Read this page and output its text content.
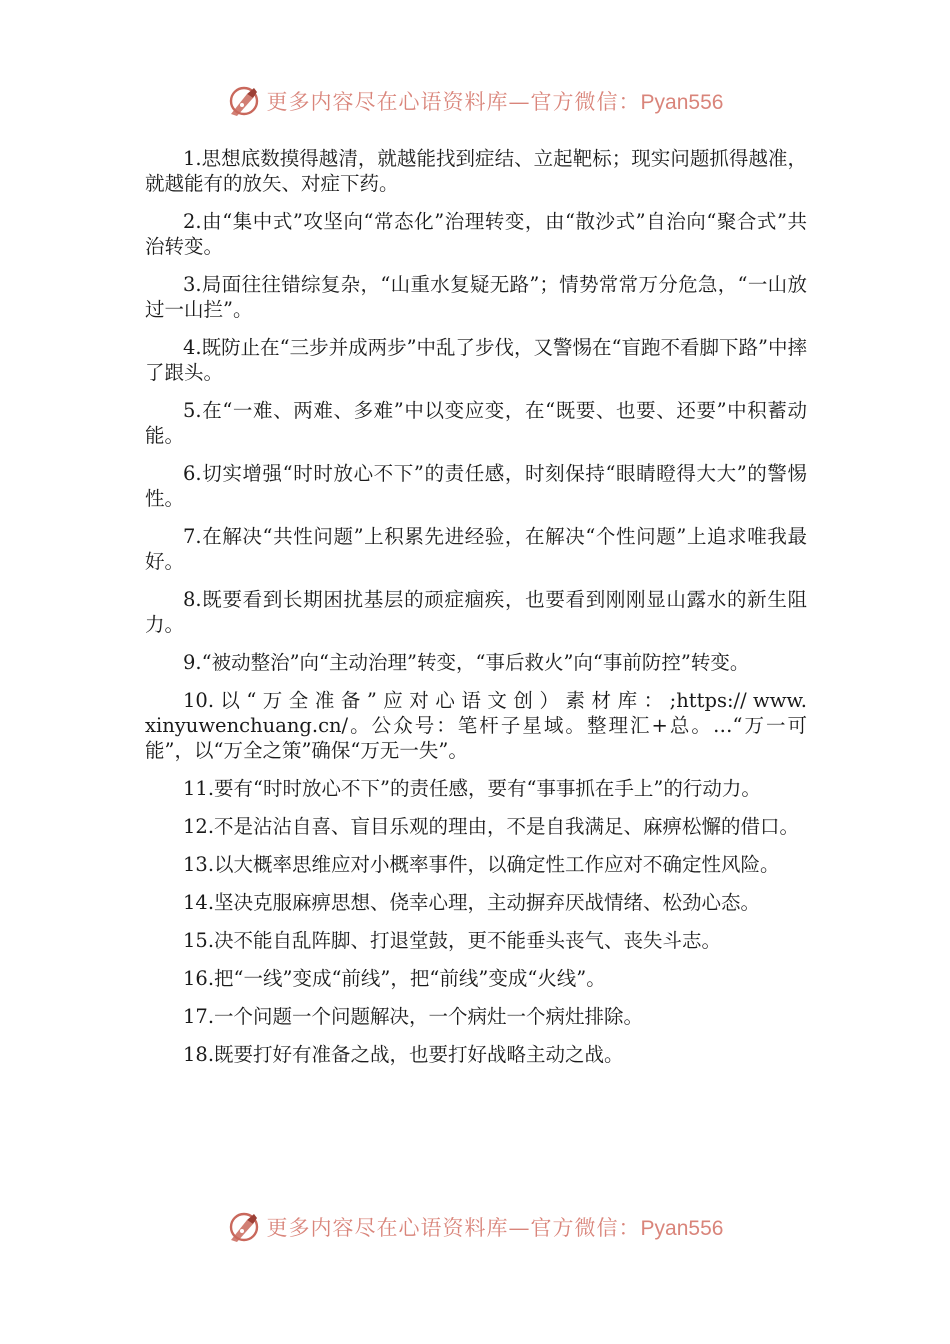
更多内容尽在心语资料库—官方微信：Pyan556

1.思想底数摸得越清，就越能找到症结、立起靶标；现实问题抓得越准，就越能有的放矢、对症下药。

2.由“集中式”攻坚向“常态化”治理转变，由“散沙式”自治向“聚合式”共治转变。

3.局面往往错综复杂，“山重水复疑无路”；情势常常万分危急，“一山放过一山拦”。

4.既防止在“三步并成两步”中乱了步伐，又警惕在“盲跑不看脚下路”中摔了跟头。

5.在“一难、两难、多难”中以变应变，在“既要、也要、还要”中积蓄动能。

6.切实增强“时时放心不下”的责任感，时刻保持“眼睛瞪得大大”的警惕性。

7.在解决“共性问题”上积累先进经验，在解决“个性问题”上追求唯我最好。

8.既要看到长期困扰基层的顽症痼疾，也要看到刚刚显山露水的新生阻力。

9.“被动整治”向“主动治理”转变，“事后救火”向“事前防控”转变。

10. 以 “ 万 全 准 备 ” 应 对 心 语 文 创 ） 素 材 库 ： ;https:// www.xinyuwenchuang.cn/。公众号：笔杆子星域。整理汇+总。…“万一可能”，以“万全之策”确保“万无一失”。

11.要有“时时放心不下”的责任感，要有“事事抓在手上”的行动力。

12.不是沾沾自喜、盲目乐观的理由，不是自我满足、麻痹松懈的借口。

13.以大概率思维应对小概率事件，以确定性工作应对不确定性风险。

14.坚决克服麻痹思想、侥幸心理，主动摒弃厌战情绪、松劲心态。

15.决不能自乱阵脚、打退堂鼓，更不能垂头丧气、丧失斗志。

16.把“一线”变成“前线”，把“前线”变成“火线”。

17.一个问题一个问题解决，一个病灶一个病灶排除。

18.既要打好有准备之战，也要打好战略主动之战。

更多内容尽在心语资料库—官方微信：Pyan556
